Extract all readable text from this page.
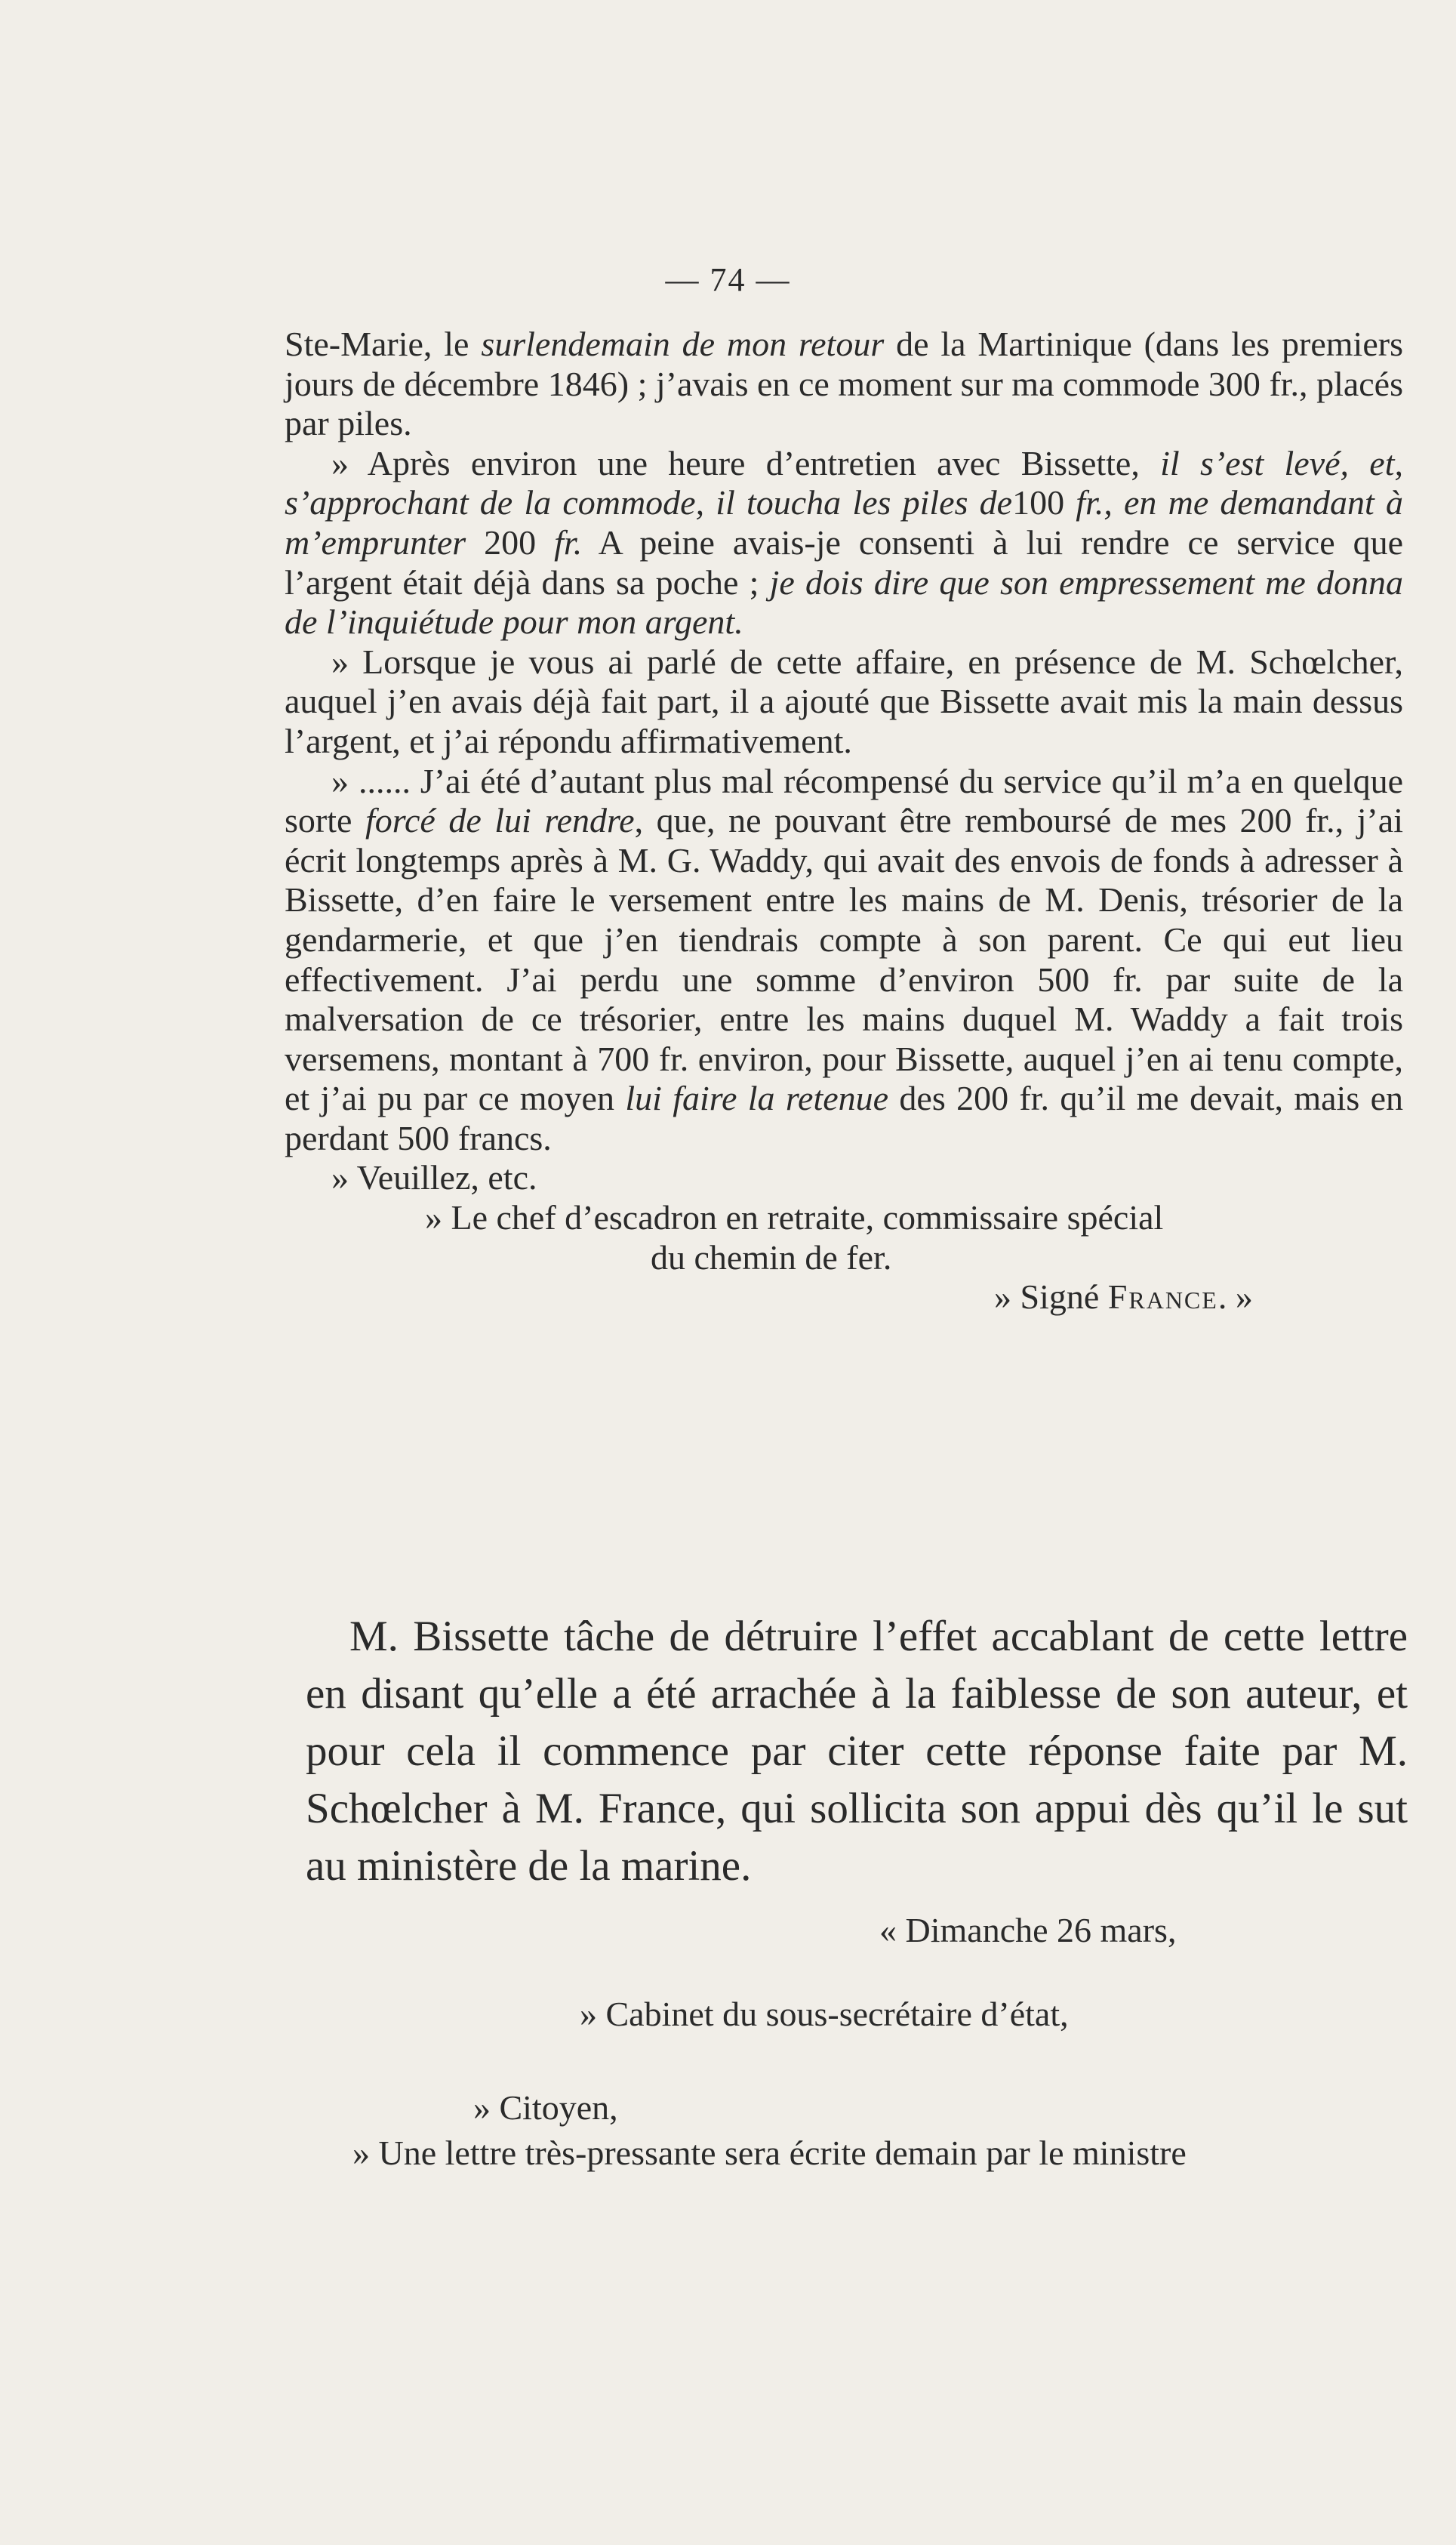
— 74 —

Ste-Marie, le surlendemain de mon retour de la Martinique (dans les premiers jours de décembre 1846) ; j’avais en ce moment sur ma commode 300 fr., placés par piles.

» Après environ une heure d’entretien avec Bissette, il s’est levé, et, s’approchant de la commode, il toucha les piles de100 fr., en me demandant à m’emprunter 200 fr. A peine avais-je consenti à lui rendre ce service que l’argent était déjà dans sa poche ; je dois dire que son empressement me donna de l’inquiétude pour mon argent.

» Lorsque je vous ai parlé de cette affaire, en présence de M. Schœlcher, auquel j’en avais déjà fait part, il a ajouté que Bissette avait mis la main dessus l’argent, et j’ai répondu affirmativement.

» ...... J’ai été d’autant plus mal récompensé du service qu’il m’a en quelque sorte forcé de lui rendre, que, ne pouvant être remboursé de mes 200 fr., j’ai écrit longtemps après à M. G. Waddy, qui avait des envois de fonds à adresser à Bissette, d’en faire le versement entre les mains de M. Denis, trésorier de la gendarmerie, et que j’en tiendrais compte à son parent. Ce qui eut lieu effectivement. J’ai perdu une somme d’environ 500 fr. par suite de la malversation de ce trésorier, entre les mains duquel M. Waddy a fait trois versemens, montant à 700 fr. environ, pour Bissette, auquel j’en ai tenu compte, et j’ai pu par ce moyen lui faire la retenue des 200 fr. qu’il me devait, mais en perdant 500 francs.

» Veuillez, etc.

» Le chef d’escadron en retraite, commissaire spécial

du chemin de fer.

» Signé France. »

M. Bissette tâche de détruire l’effet accablant de cette lettre en disant qu’elle a été arrachée à la faiblesse de son auteur, et pour cela il commence par citer cette réponse faite par M. Schœlcher à M. France, qui sollicita son appui dès qu’il le sut au ministère de la marine.

« Dimanche 26 mars,

» Cabinet du sous-secrétaire d’état,

» Citoyen,

» Une lettre très-pressante sera écrite demain par le ministre
